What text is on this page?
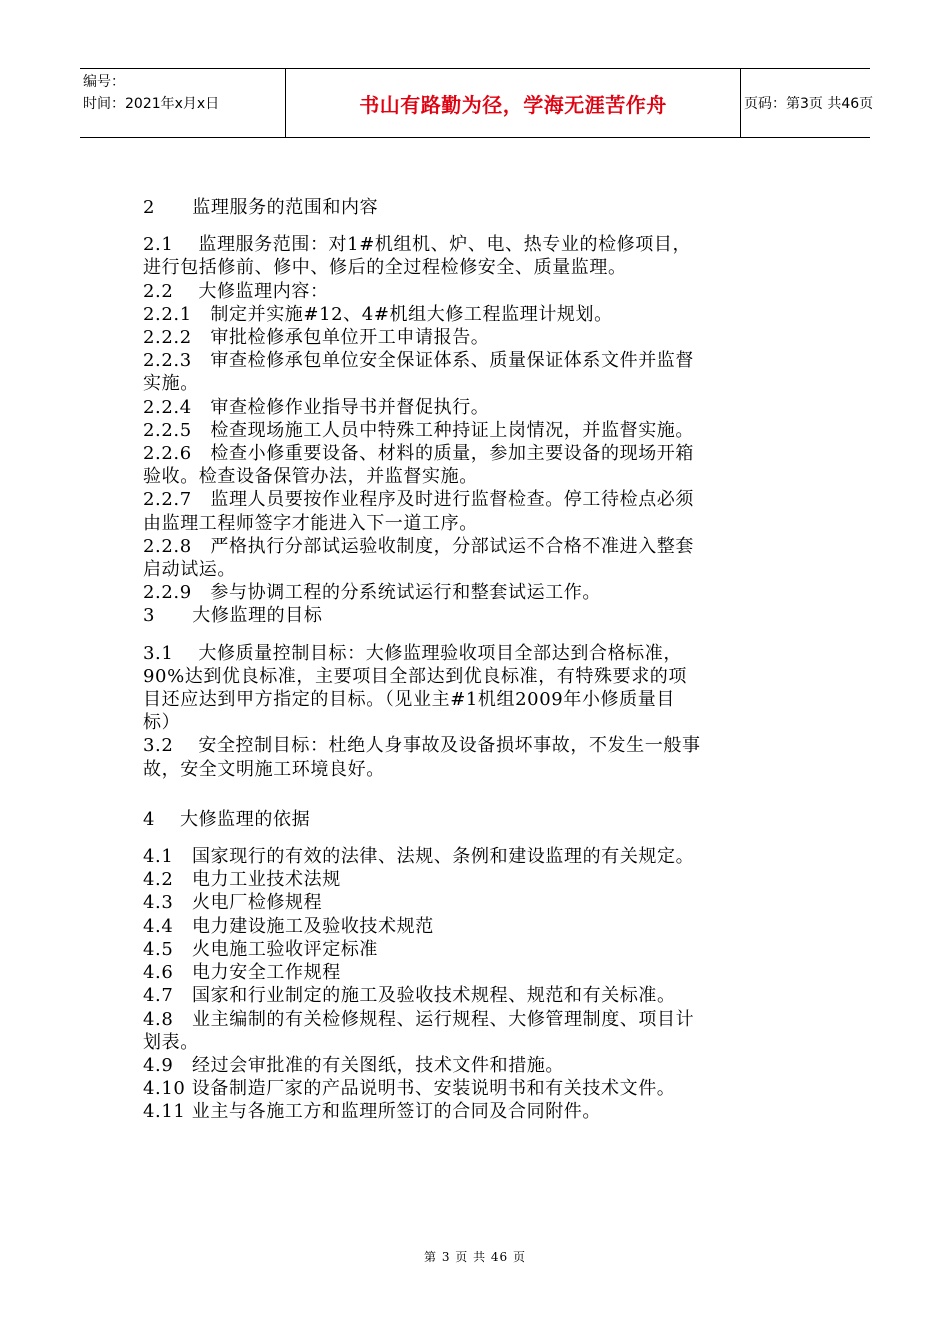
编号：
时间：2021年x月x日	书山有路勤为径，学海无涯苦作舟	页码：第3页 共46页
2　　监理服务的范围和内容
2.1　 监理服务范围：对1#机组机、炉、电、热专业的检修项目，
进行包括修前、修中、修后的全过程检修安全、质量监理。
2.2　 大修监理内容：
2.2.1　制定并实施#12、4#机组大修工程监理计规划。
2.2.2　审批检修承包单位开工申请报告。
2.2.3　审查检修承包单位安全保证体系、质量保证体系文件并监督
实施。
2.2.4　审查检修作业指导书并督促执行。
2.2.5　检查现场施工人员中特殊工种持证上岗情况，并监督实施。
2.2.6　检查小修重要设备、材料的质量，参加主要设备的现场开箱
验收。检查设备保管办法，并监督实施。
2.2.7　监理人员要按作业程序及时进行监督检查。停工待检点必须
由监理工程师签字才能进入下一道工序。
2.2.8　严格执行分部试运验收制度，分部试运不合格不准进入整套
启动试运。
2.2.9　参与协调工程的分系统试运行和整套试运工作。
3　　大修监理的目标
3.1　 大修质量控制目标：大修监理验收项目全部达到合格标准，
90%达到优良标准，主要项目全部达到优良标准，有特殊要求的项
目还应达到甲方指定的目标。（见业主#1机组2009年小修质量目
标）
3.2　 安全控制目标：杜绝人身事故及设备损坏事故，不发生一般事
故，安全文明施工环境良好。
4　 大修监理的依据
4.1　国家现行的有效的法律、法规、条例和建设监理的有关规定。
4.2　电力工业技术法规
4.3　火电厂检修规程
4.4　电力建设施工及验收技术规范
4.5　火电施工验收评定标准
4.6　电力安全工作规程
4.7　国家和行业制定的施工及验收技术规程、规范和有关标准。
4.8　业主编制的有关检修规程、运行规程、大修管理制度、项目计
划表。
4.9　经过会审批准的有关图纸，技术文件和措施。
4.10 设备制造厂家的产品说明书、安装说明书和有关技术文件。
4.11 业主与各施工方和监理所签订的合同及合同附件。
第 3 页 共 46 页
